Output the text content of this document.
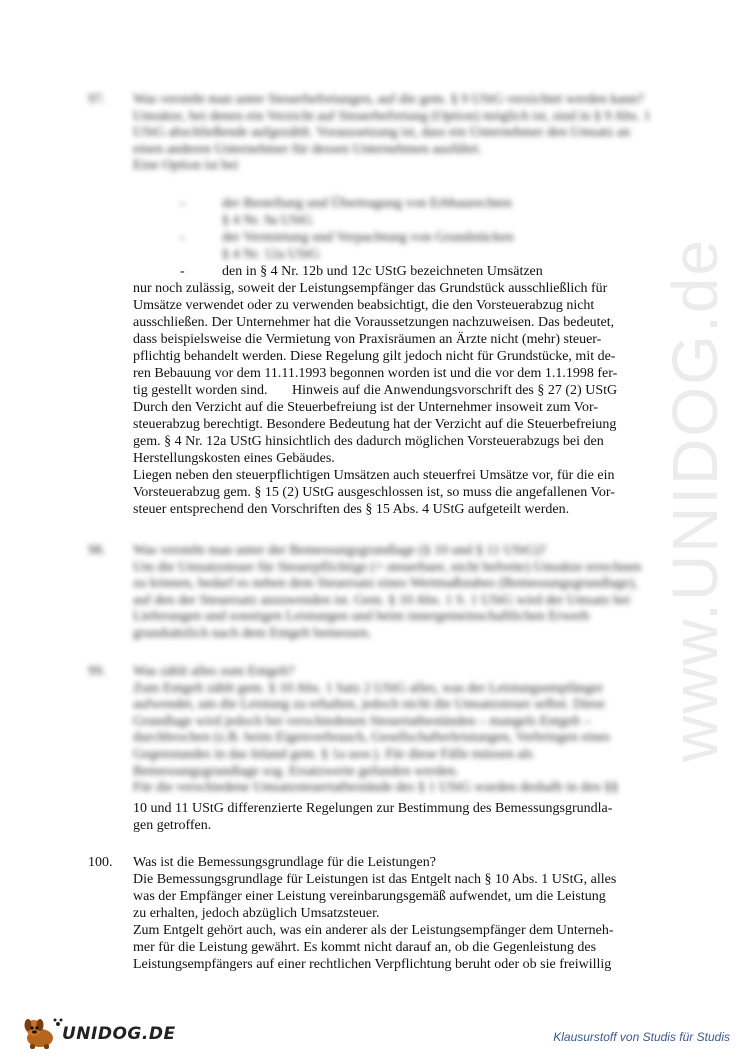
www.UNIDOG.de
97. Was versteht man unter Steuerbefreiungen, auf die gem. § 9 UStG verzichtet werden kann?
Umsätze, bei denen ein Verzicht auf Steuerbefreiung (Option) möglich ist, sind in § 9 Abs. 1 UStG abschließende aufgezählt. Voraussetzung ist, dass ein Unternehmer den Umsatz an einen anderen Unternehmer für dessen Unternehmen ausführt.
Eine Option ist bei
-	der Bestellung und Übertragung von Erbbaurechten
§ 4 Nr. 9a UStG
-	der Vermietung und Verpachtung von Grundstücken
§ 4 Nr. 12a UStG
-	den in § 4 Nr. 12b und 12c UStG bezeichneten Umsätzen
nur noch zulässig, soweit der Leistungsempfänger das Grundstück ausschließlich für
Umsätze verwendet oder zu verwenden beabsichtigt, die den Vorsteuerabzug nicht
ausschließen. Der Unternehmer hat die Voraussetzungen nachzuweisen. Das bedeutet,
dass beispielsweise die Vermietung von Praxisräumen an Ärzte nicht (mehr) steuer-
pflichtig behandelt werden. Diese Regelung gilt jedoch nicht für Grundstücke, mit de-
ren Bebauung vor dem 11.11.1993 begonnen worden ist und die vor dem 1.1.1998 fer-
tig gestellt worden sind.       Hinweis auf die Anwendungsvorschrift des § 27 (2) UStG
Durch den Verzicht auf die Steuerbefreiung ist der Unternehmer insoweit zum Vor-
steuerabzug berechtigt. Besondere Bedeutung hat der Verzicht auf die Steuerbefreiung
gem. § 4 Nr. 12a UStG hinsichtlich des dadurch möglichen Vorsteuerabzugs bei den
Herstellungskosten eines Gebäudes.
Liegen neben den steuerpflichtigen Umsätzen auch steuerfrei Umsätze vor, für die ein
Vorsteuerabzug gem. § 15 (2) UStG ausgeschlossen ist, so muss die angefallenen Vor-
steuer entsprechend den Vorschriften des § 15 Abs. 4 UStG aufgeteilt werden.
98. Was versteht man unter der Bemessungsgrundlage (§ 10 und § 11 UStG)?
Um die Umsatzsteuer für Steuerpflichtige (= steuerbare, nicht befreite) Umsätze errechnen zu können, bedarf es neben dem Steuersatz eines Wertmaßstabes (Bemessungsgrundlage), auf den der Steuersatz anzuwenden ist. Gem. § 10 Abs. 1 S. 1 UStG wird der Umsatz bei Lieferungen und sonstigen Leistungen und beim innergemeinschaftlichen Erwerb grundsätzlich nach dem Entgelt bemessen.
99. Was zählt alles zum Entgelt?
Zum Entgelt zählt gem. § 10 Abs. 1 Satz 2 UStG alles, was der Leistungsempfänger aufwendet, um die Leistung zu erhalten, jedoch nicht die Umsatzsteuer selbst. Diese Grundlage wird jedoch bei verschiedenen Steuertatbeständen – mangels Entgelt – durchbrochen (z.B. beim Eigenverbrauch, Gesellschafterleistungen, Verbringen eines Gegenstandes in das Inland gem. § 1a usw.). Für diese Fälle müssen als Bemessungsgrundlage sog. Ersatzwerte gefunden werden.
Für die verschiedene Umsatzsteuertatbestände des § 1 UStG wurden deshalb in den §§
10 und 11 UStG differenzierte Regelungen zur Bestimmung des Bemessungsgrundla-
gen getroffen.
100. Was ist die Bemessungsgrundlage für die Leistungen?
Die Bemessungsgrundlage für Leistungen ist das Entgelt nach § 10 Abs. 1 UStG, alles
was der Empfänger einer Leistung vereinbarungsgemäß aufwendet, um die Leistung
zu erhalten, jedoch abzüglich Umsatzsteuer.
Zum Entgelt gehört auch, was ein anderer als der Leistungsempfänger dem Unterneh-
mer für die Leistung gewährt. Es kommt nicht darauf an, ob die Gegenleistung des
Leistungsempfängers auf einer rechtlichen Verpflichtung beruht oder ob sie freiwillig
UNIDOG.DE	Klausurstoff von Studis für Studis
